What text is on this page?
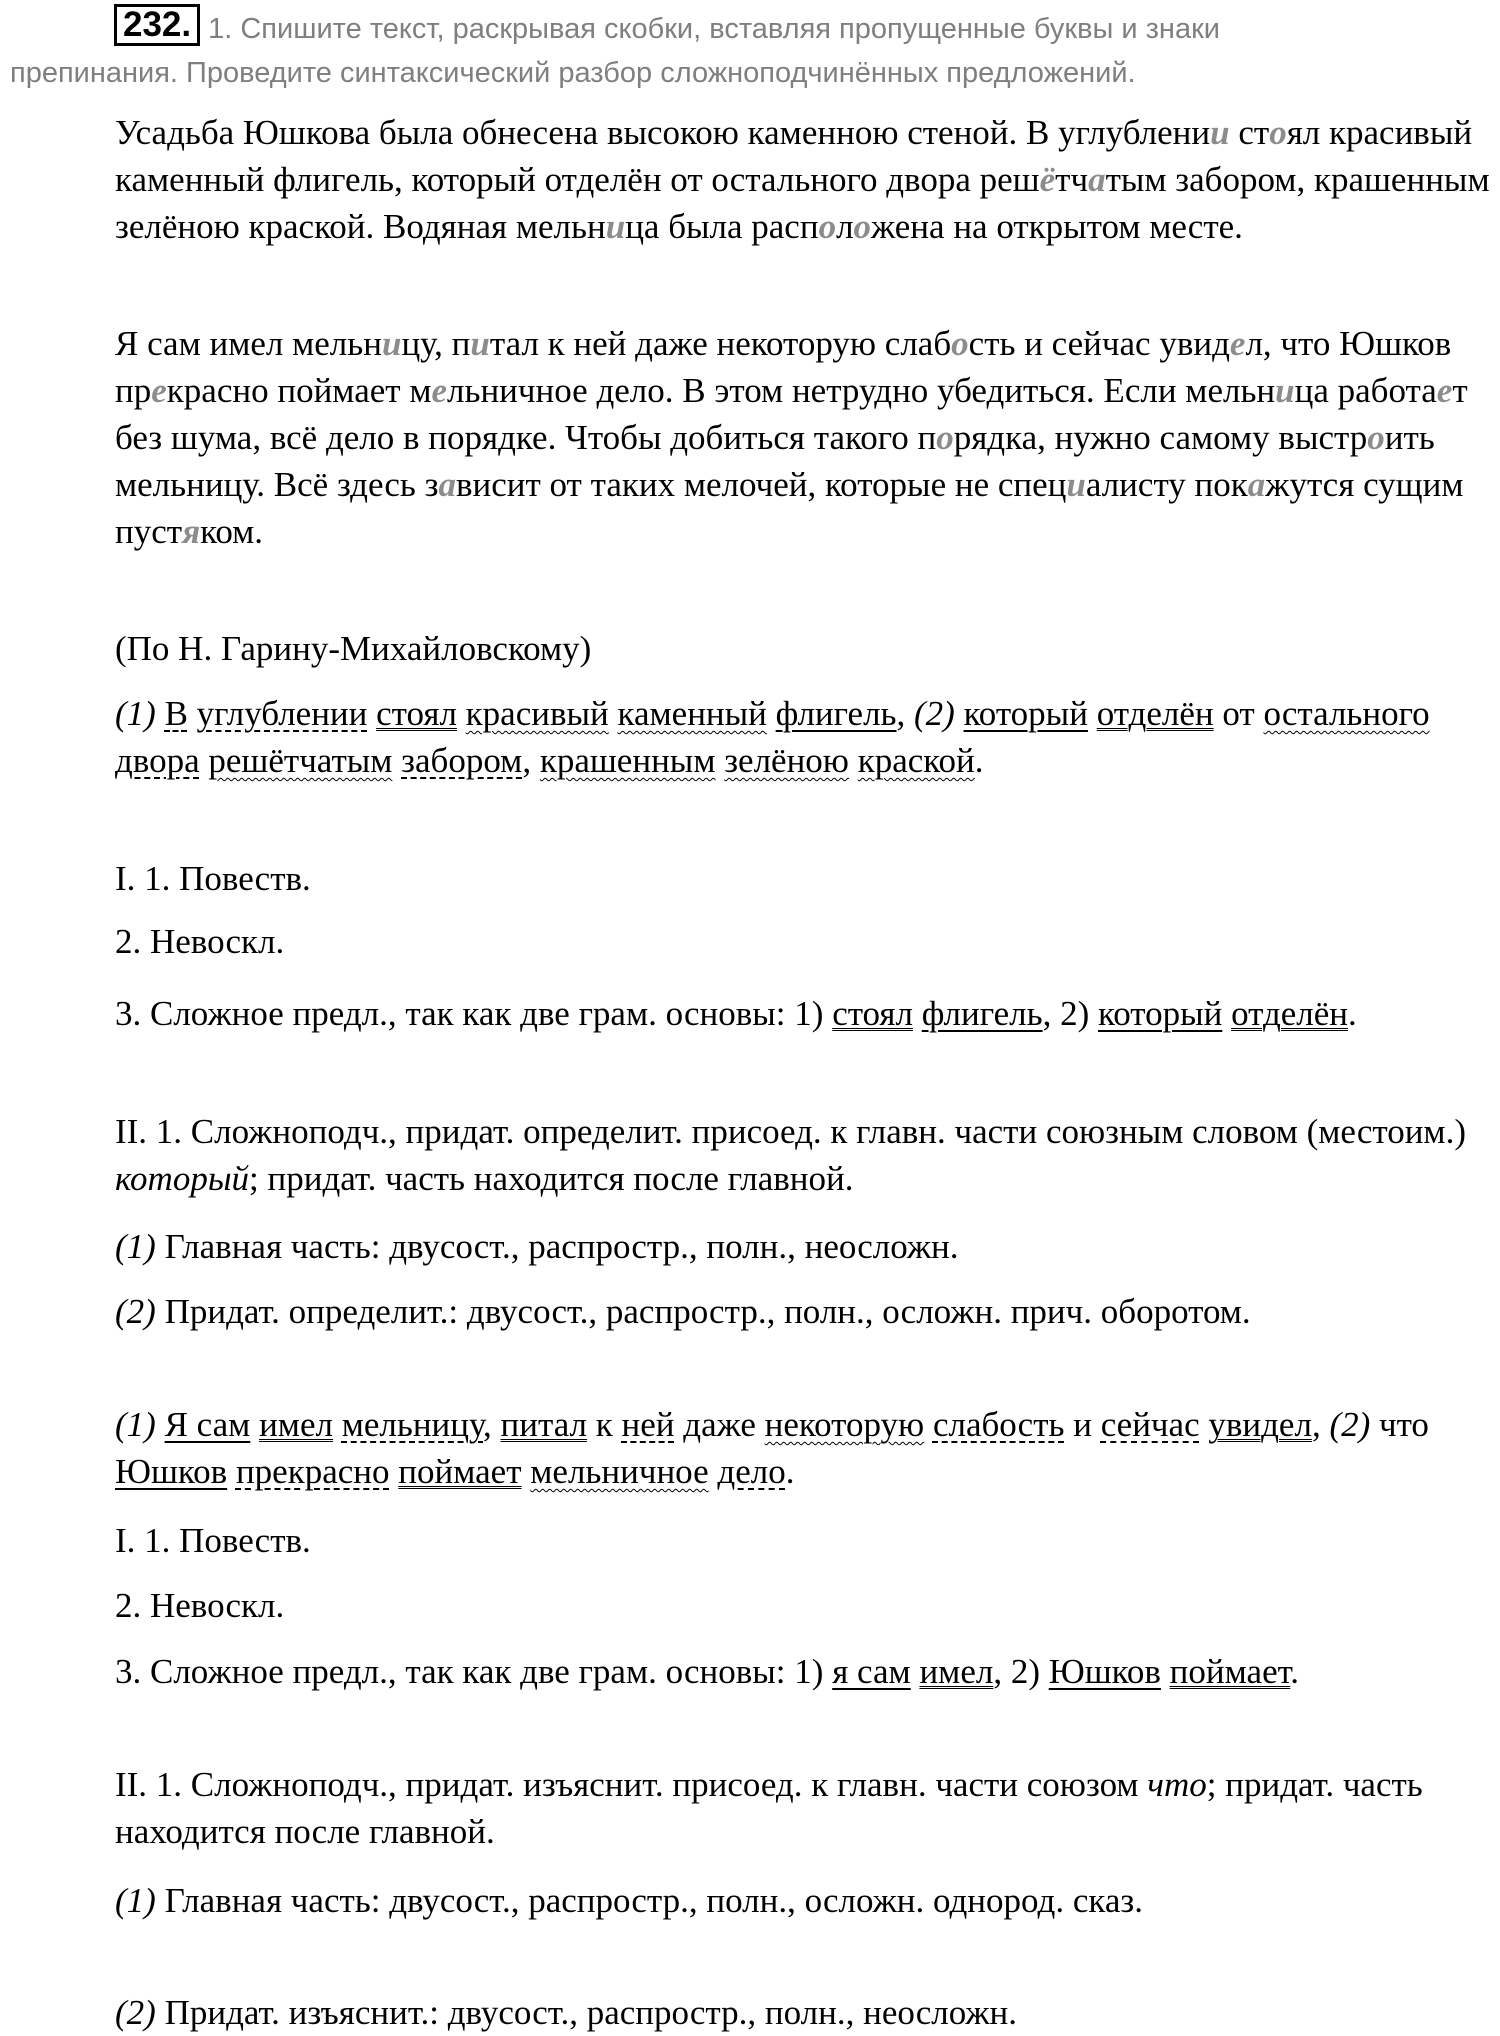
232. 1. Спишите текст, раскрывая скобки, вставляя пропущенные буквы и знаки препинания. Проведите синтаксический разбор сложноподчинённых предложений.
Усадьба Юшкова была обнесена высокою каменною стеной. В углублении стоял красивый каменный флигель, который отделён от остального двора решётчатым забором, крашенным зелёною краской. Водяная мельница была расположена на открытом месте.
Я сам имел мельницу, питал к ней даже некоторую слабость и сейчас увидел, что Юшков прекрасно поймает мельничное дело. В этом нетрудно убедиться. Если мельница работает без шума, всё дело в порядке. Чтобы добиться такого порядка, нужно самому выстроить мельницу. Всё здесь зависит от таких мелочей, которые не специалисту покажутся сущим пустяком.
(По Н. Гарину-Михайловскому)
(1) В углублении стоял красивый каменный флигель, (2) который отделён от остального двора решётчатым забором, крашенным зелёною краской.
I. 1. Повеств.
2. Невоскл.
3. Сложное предл., так как две грам. основы: 1) стоял флигель, 2) который отделён.
II. 1. Сложноподч., придат. определит. присоед. к главн. части союзным словом (местоим.) который; придат. часть находится после главной.
(1) Главная часть: двусост., распростр., полн., неосложн.
(2) Придат. определит.: двусост., распростр., полн., осложн. прич. оборотом.
(1) Я сам имел мельницу, питал к ней даже некоторую слабость и сейчас увидел, (2) что Юшков прекрасно поймает мельничное дело.
I. 1. Повеств.
2. Невоскл.
3. Сложное предл., так как две грам. основы: 1) я сам имел, 2) Юшков поймает.
II. 1. Сложноподч., придат. изъяснит. присоед. к главн. части союзом что; придат. часть находится после главной.
(1) Главная часть: двусост., распростр., полн., осложн. однород. сказ.
(2) Придат. изъяснит.: двусост., распростр., полн., неосложн.
